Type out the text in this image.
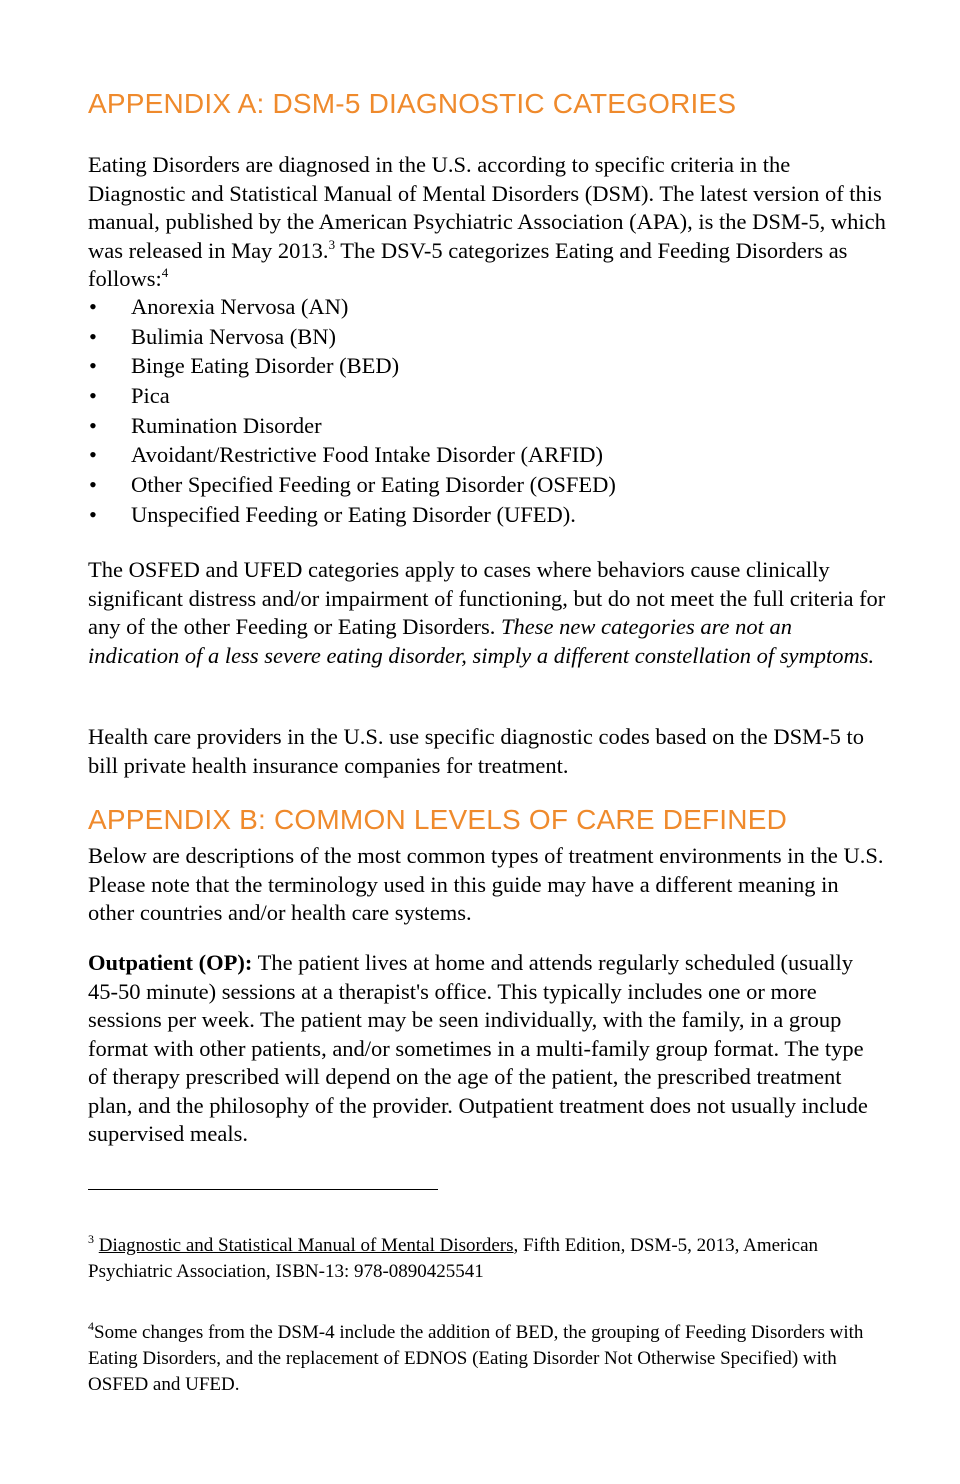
APPENDIX A: DSM-5 DIAGNOSTIC CATEGORIES

Eating Disorders are diagnosed in the U.S. according to specific criteria in the Diagnostic and Statistical Manual of Mental Disorders (DSM). The latest version of this manual, published by the American Psychiatric Association (APA), is the DSM-5, which was released in May 2013.$^3$ The DSV-5 categorizes Eating and Feeding Disorders as follows:$^4$

• Anorexia Nervosa (AN)
• Bulimia Nervosa (BN)
• Binge Eating Disorder (BED)
• Pica
• Rumination Disorder
• Avoidant/Restrictive Food Intake Disorder (ARFID)
• Other Specified Feeding or Eating Disorder (OSFED)
• Unspecified Feeding or Eating Disorder (UFED).

The OSFED and UFED categories apply to cases where behaviors cause clinically significant distress and/or impairment of functioning, but do not meet the full criteria for any of the other Feeding or Eating Disorders. These new categories are not an indication of a less severe eating disorder, simply a different constellation of symptoms.

Health care providers in the U.S. use specific diagnostic codes based on the DSM-5 to bill private health insurance companies for treatment.

APPENDIX B: COMMON LEVELS OF CARE DEFINED

Below are descriptions of the most common types of treatment environments in the U.S. Please note that the terminology used in this guide may have a different meaning in other countries and/or health care systems.

Outpatient (OP): The patient lives at home and attends regularly scheduled (usually 45-50 minute) sessions at a therapist's office. This typically includes one or more sessions per week. The patient may be seen individually, with the family, in a group format with other patients, and/or sometimes in a multi-family group format. The type of therapy prescribed will depend on the age of the patient, the prescribed treatment plan, and the philosophy of the provider. Outpatient treatment does not usually include supervised meals.

$^3$ Diagnostic and Statistical Manual of Mental Disorders, Fifth Edition, DSM-5, 2013, American Psychiatric Association, ISBN-13: 978-0890425541

$^4$Some changes from the DSM-4 include the addition of BED, the grouping of Feeding Disorders with Eating Disorders, and the replacement of EDNOS (Eating Disorder Not Otherwise Specified) with OSFED and UFED.
